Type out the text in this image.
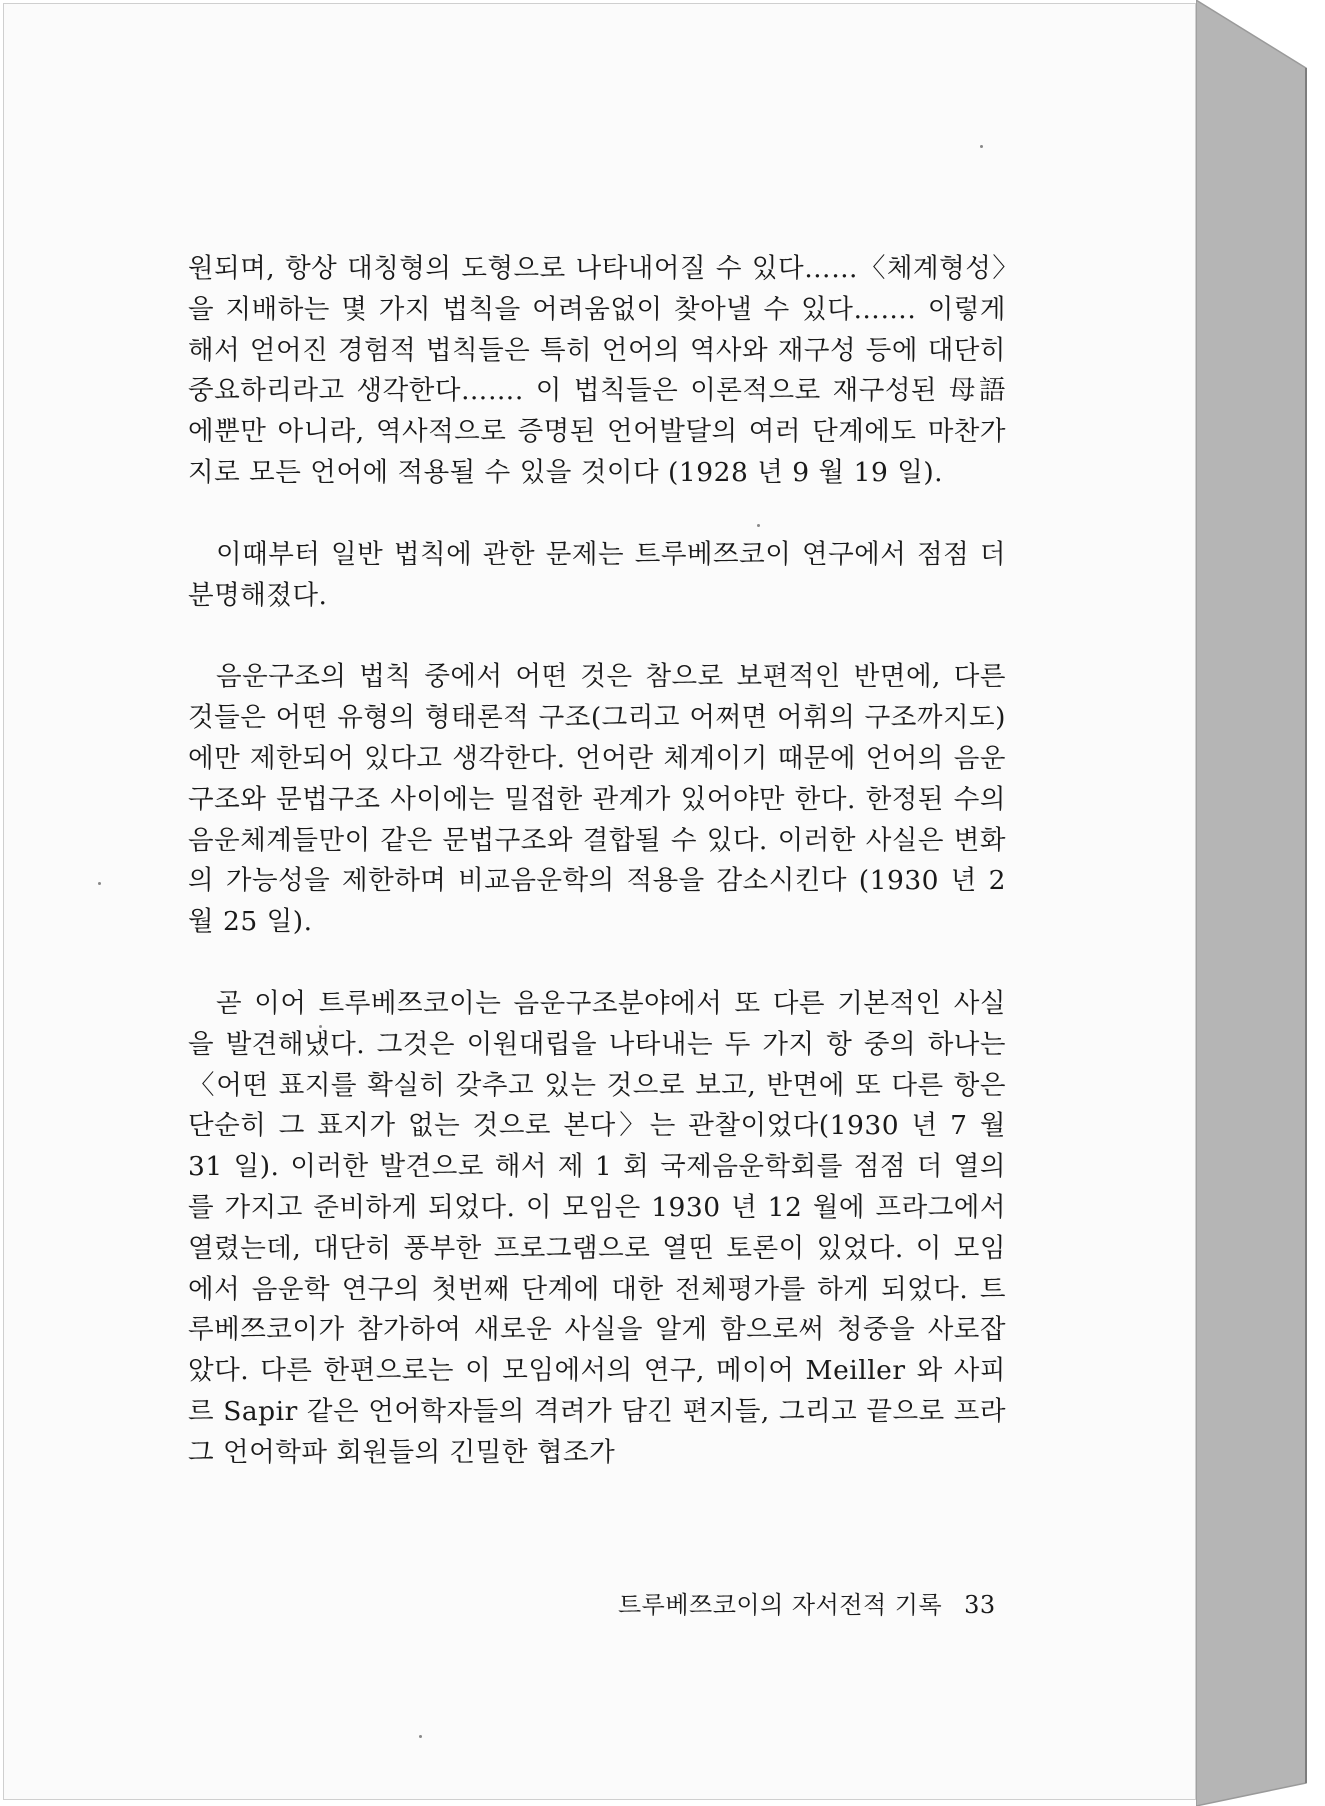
원되며, 항상 대칭형의 도형으로 나타내어질 수 있다……〈체계형성〉을 지배하는 몇 가지 법칙을 어려움없이 찾아낼 수 있다……. 이렇게 해서 얻어진 경험적 법칙들은 특히 언어의 역사와 재구성 등에 대단히 중요하리라고 생각한다……. 이 법칙들은 이론적으로 재구성된 母語에뿐만 아니라, 역사적으로 증명된 언어발달의 여러 단계에도 마찬가지로 모든 언어에 적용될 수 있을 것이다 (1928 년 9 월 19 일).

이때부터 일반 법칙에 관한 문제는 트루베쯔코이 연구에서 점점 더 분명해졌다.

음운구조의 법칙 중에서 어떤 것은 참으로 보편적인 반면에, 다른 것들은 어떤 유형의 형태론적 구조(그리고 어쩌면 어휘의 구조까지도)에만 제한되어 있다고 생각한다. 언어란 체계이기 때문에 언어의 음운구조와 문법구조 사이에는 밀접한 관계가 있어야만 한다. 한정된 수의 음운체계들만이 같은 문법구조와 결합될 수 있다. 이러한 사실은 변화의 가능성을 제한하며 비교음운학의 적용을 감소시킨다 (1930 년 2 월 25 일).

곧 이어 트루베쯔코이는 음운구조분야에서 또 다른 기본적인 사실을 발견해냈다. 그것은 이원대립을 나타내는 두 가지 항 중의 하나는 〈어떤 표지를 확실히 갖추고 있는 것으로 보고, 반면에 또 다른 항은 단순히 그 표지가 없는 것으로 본다〉는 관찰이었다(1930 년 7 월 31 일). 이러한 발견으로 해서 제 1 회 국제음운학회를 점점 더 열의를 가지고 준비하게 되었다. 이 모임은 1930 년 12 월에 프라그에서 열렸는데, 대단히 풍부한 프로그램으로 열띤 토론이 있었다. 이 모임에서 음운학 연구의 첫번째 단계에 대한 전체평가를 하게 되었다. 트루베쯔코이가 참가하여 새로운 사실을 알게 함으로써 청중을 사로잡았다. 다른 한편으로는 이 모임에서의 연구, 메이어 Meiller 와 사피르 Sapir 같은 언어학자들의 격려가 담긴 편지들, 그리고 끝으로 프라그 언어학파 회원들의 긴밀한 협조가

트루베쯔코이의 자서전적 기록 33
